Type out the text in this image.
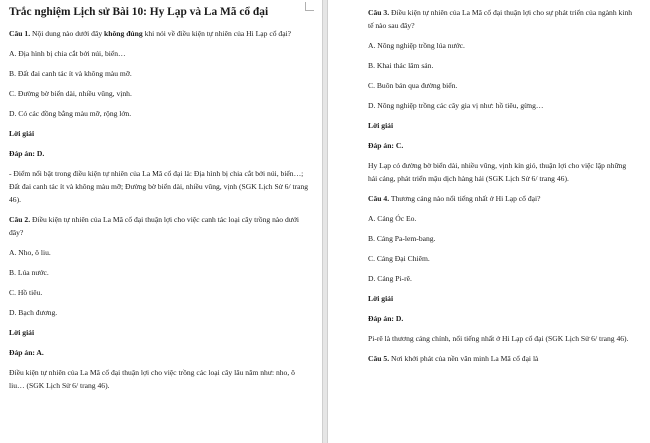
Trắc nghiệm Lịch sử Bài 10: Hy Lạp và La Mã cổ đại
Câu 1. Nội dung nào dưới đây không đúng khi nói về điều kiện tự nhiên của Hi Lạp cổ đại?
A. Địa hình bị chia cắt bởi núi, biển…
B. Đất đai canh tác ít và không màu mỡ.
C. Đường bờ biển dài, nhiều vũng, vịnh.
D. Có các đồng bằng màu mỡ, rộng lớn.
Lời giải
Đáp án: D.
- Điểm nổi bật trong điều kiện tự nhiên của La Mã cổ đại là: Địa hình bị chia cắt bởi núi, biển…; Đất đai canh tác ít và không màu mỡ; Đường bờ biển dài, nhiều vũng, vịnh (SGK Lịch Sử 6/ trang 46).
Câu 2. Điều kiện tự nhiên của La Mã cổ đại thuận lợi cho việc canh tác loại cây trồng nào dưới đây?
A. Nho, ô liu.
B. Lúa nước.
C. Hồ tiêu.
D. Bạch đương.
Lời giải
Đáp án: A.
Điều kiện tự nhiên của La Mã cổ đại thuận lợi cho việc trồng các loại cây lâu năm như: nho, ô liu… (SGK Lịch Sử 6/ trang 46).
Câu 3. Điều kiện tự nhiên của La Mã cổ đại thuận lợi cho sự phát triển của ngành kinh tế nào sau đây?
A. Nông nghiệp trồng lúa nước.
B. Khai thác lâm sản.
C. Buôn bán qua đường biển.
D. Nông nghiệp trồng các cây gia vị như: hồ tiêu, gừng…
Lời giải
Đáp án: C.
Hy Lạp có đường bờ biển dài, nhiều vũng, vịnh kín gió, thuận lợi cho việc lập những hải cảng, phát triển mậu dịch hàng hải (SGK Lịch Sử 6/ trang 46).
Câu 4. Thương cảng nào nổi tiếng nhất ở Hi Lạp cổ đại?
A. Cảng Óc Eo.
B. Cảng Pa-lem-bang.
C. Cảng Đại Chiêm.
D. Cảng Pi-rê.
Lời giải
Đáp án: D.
Pi-rê là thương cảng chính, nổi tiếng nhất ở Hi Lạp cổ đại (SGK Lịch Sử 6/ trang 46).
Câu 5. Nơi khởi phát của nền văn minh La Mã cổ đại là
